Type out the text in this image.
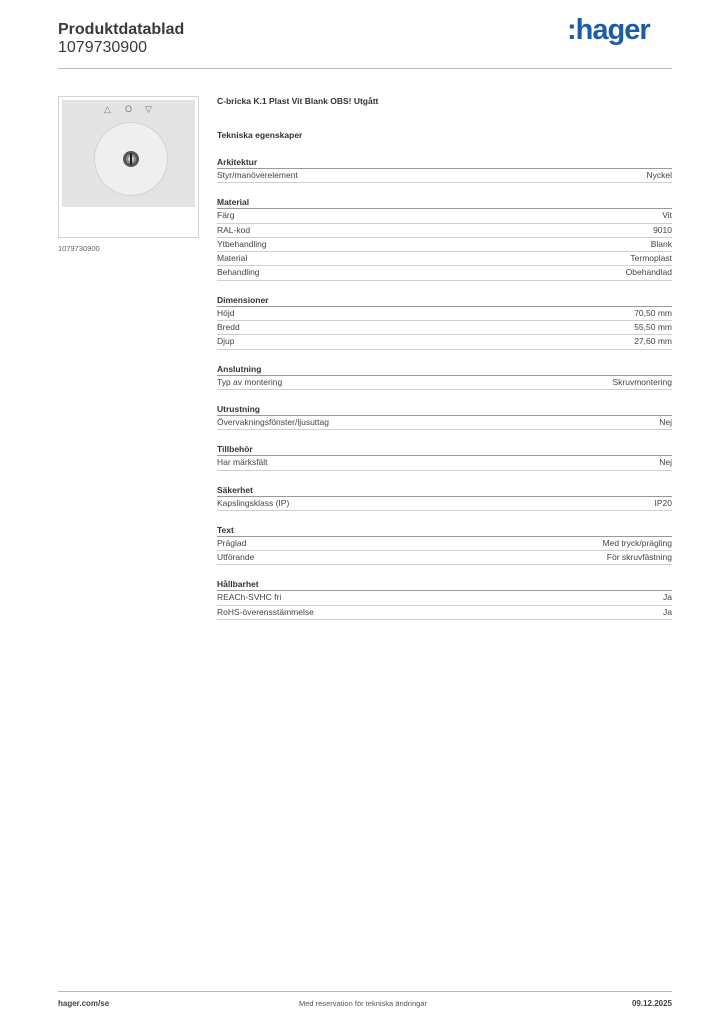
Produktdatablad
1079730900
:hager
△ O ▽
1079730900
C-bricka K.1 Plast Vit Blank OBS! Utgått
Tekniska egenskaper
Arkitektur
Styr/manöverelement	Nyckel
Material
Färg	Vit
RAL-kod	9010
Ytbehandling	Blank
Material	Termoplast
Behandling	Obehandlad
Dimensioner
Höjd	70,50 mm
Bredd	55,50 mm
Djup	27,60 mm
Anslutning
Typ av montering	Skruvmontering
Utrustning
Övervakningsfönster/ljusuttag	Nej
Tillbehör
Har märksfält	Nej
Säkerhet
Kapslingsklass (IP)	IP20
Text
Präglad	Med tryck/prägling
Utförande	För skruvfästning
Hållbarhet
REACh-SVHC fri	Ja
RoHS-överensstämmelse	Ja
hager.com/se	Med reservation för tekniska ändringar	09.12.2025
